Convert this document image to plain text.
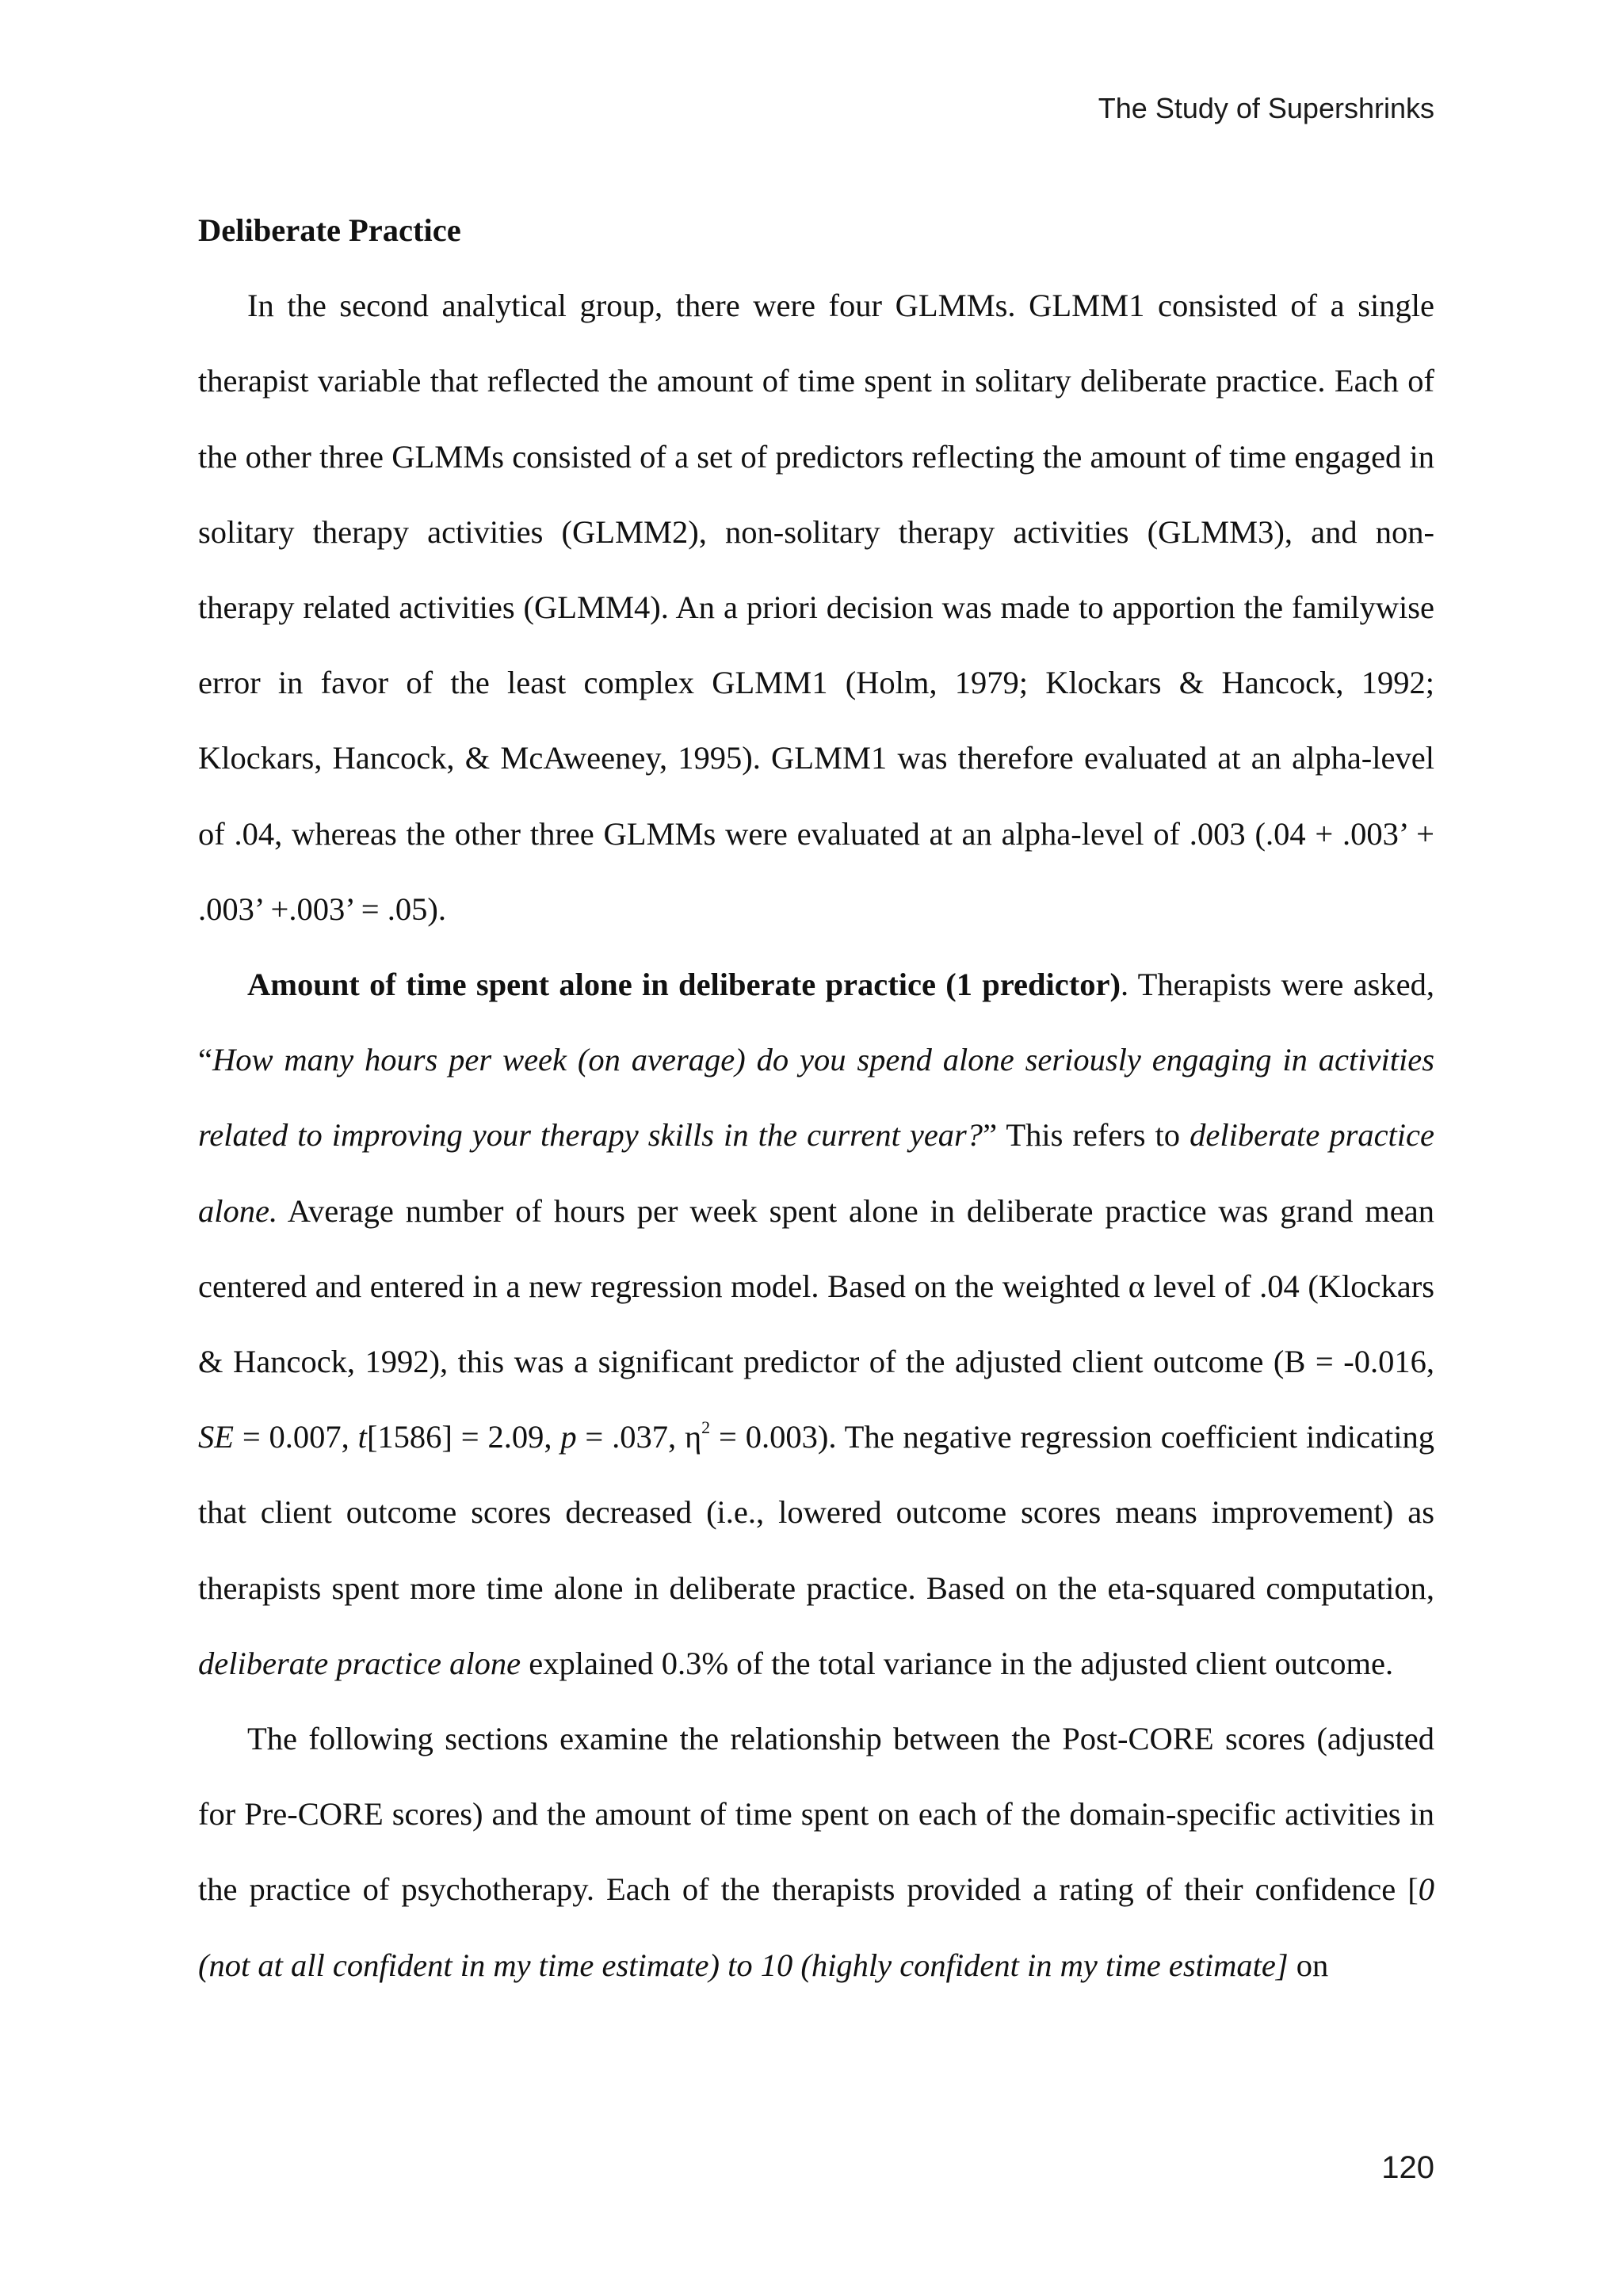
The Study of Supershrinks
Deliberate Practice

In the second analytical group, there were four GLMMs. GLMM1 consisted of a single therapist variable that reflected the amount of time spent in solitary deliberate practice. Each of the other three GLMMs consisted of a set of predictors reflecting the amount of time engaged in solitary therapy activities (GLMM2), non-solitary therapy activities (GLMM3), and non-therapy related activities (GLMM4). An a priori decision was made to apportion the familywise error in favor of the least complex GLMM1 (Holm, 1979; Klockars & Hancock, 1992; Klockars, Hancock, & McAweeney, 1995). GLMM1 was therefore evaluated at an alpha-level of .04, whereas the other three GLMMs were evaluated at an alpha-level of .003 (.04 + .003’ + .003’ +.003’ = .05).

Amount of time spent alone in deliberate practice (1 predictor). Therapists were asked, “How many hours per week (on average) do you spend alone seriously engaging in activities related to improving your therapy skills in the current year?” This refers to deliberate practice alone. Average number of hours per week spent alone in deliberate practice was grand mean centered and entered in a new regression model. Based on the weighted α level of .04 (Klockars & Hancock, 1992), this was a significant predictor of the adjusted client outcome (B = -0.016, SE = 0.007, t[1586] = 2.09, p = .037, $\eta^2 = 0.003$). The negative regression coefficient indicating that client outcome scores decreased (i.e., lowered outcome scores means improvement) as therapists spent more time alone in deliberate practice. Based on the eta-squared computation, deliberate practice alone explained 0.3% of the total variance in the adjusted client outcome.

The following sections examine the relationship between the Post-CORE scores (adjusted for Pre-CORE scores) and the amount of time spent on each of the domain-specific activities in the practice of psychotherapy. Each of the therapists provided a rating of their confidence [0 (not at all confident in my time estimate) to 10 (highly confident in my time estimate] on

120
